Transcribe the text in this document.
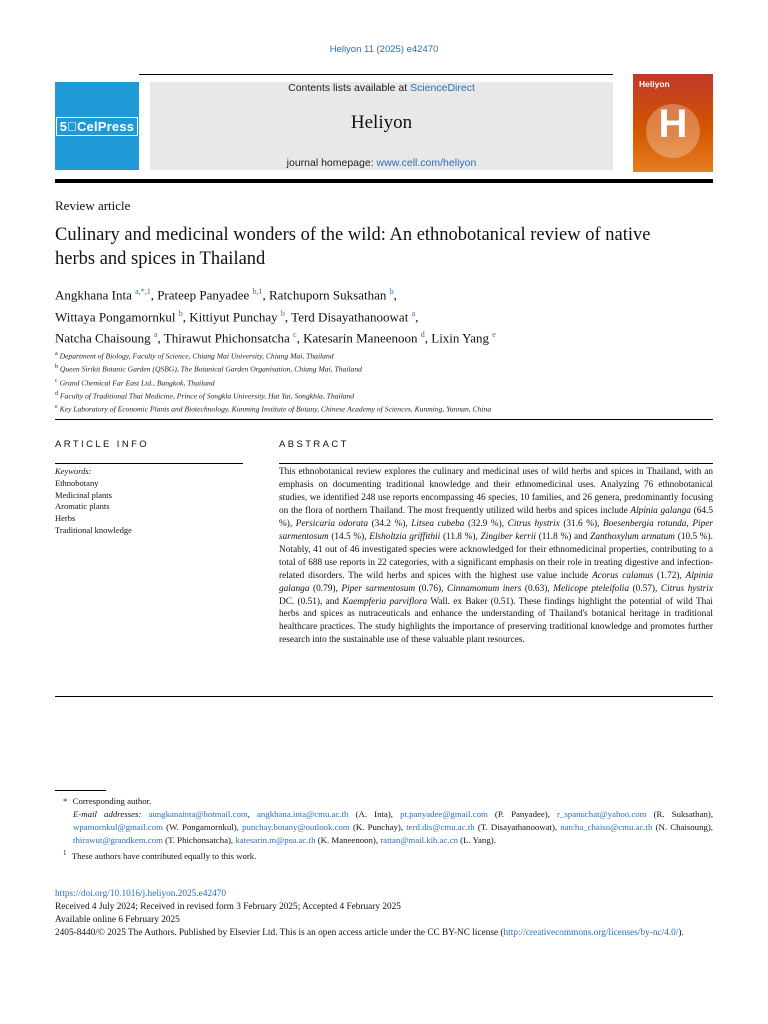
Heliyon 11 (2025) e42470
5⃝CelPress
Contents lists available at ScienceDirect
Heliyon
journal homepage: www.cell.com/heliyon
Heliyon
H
Review article
Culinary and medicinal wonders of the wild: An ethnobotanical review of native herbs and spices in Thailand
Angkhana Inta $^{a,*,1}$, Prateep Panyadee $^{b,1}$, Ratchuporn Suksathan $^b$,
Wittaya Pongamornkul $^b$, Kittiyut Punchay $^b$, Terd Disayathanoowat $^a$,
Natcha Chaisoung $^a$, Thirawut Phichonsatcha $^c$, Katesarin Maneenoon $^d$, Lixin Yang $^e$
$^a$ Department of Biology, Faculty of Science, Chiang Mai University, Chiang Mai, Thailand
$^b$ Queen Sirikit Botanic Garden (QSBG), The Botanical Garden Organisation, Chiang Mai, Thailand
$^c$ Grand Chemical Far East Ltd., Bangkok, Thailand
$^d$ Faculty of Traditional Thai Medicine, Prince of Songkla University, Hat Yai, Songkhla, Thailand
$^e$ Key Laboratory of Economic Plants and Biotechnology, Kunming Institute of Botany, Chinese Academy of Sciences, Kunming, Yunnan, China
ARTICLE INFO
Keywords:
Ethnobotany
Medicinal plants
Aromatic plants
Herbs
Traditional knowledge
ABSTRACT
This ethnobotanical review explores the culinary and medicinal uses of wild herbs and spices in Thailand, with an emphasis on documenting traditional knowledge and their ethnomedicinal uses. Analyzing 76 ethnobotanical studies, we identified 248 use reports encompassing 46 species, 10 families, and 26 genera, predominantly focusing on the flora of northern Thailand. The most frequently utilized wild herbs and spices include Alpinia galanga (64.5 %), Persicaria odorata (34.2 %), Litsea cubeba (32.9 %), Citrus hystrix (31.6 %), Boesenbergia rotunda, Piper sarmentosum (14.5 %), Elsholtzia griffithii (11.8 %), Zingiber kerrii (11.8 %) and Zanthoxylum armatum (10.5 %). Notably, 41 out of 46 investigated species were acknowledged for their ethnomedicinal properties, contributing to a total of 688 use reports in 22 categories, with a significant emphasis on their role in treating digestive and infection-related disorders. The wild herbs and spices with the highest use value include Acorus calamus (1.72), Alpinia galanga (0.79), Piper sarmentosum (0.76), Cinnamomum iners (0.63), Melicope pteleifolia (0.57), Citrus hystrix DC. (0.51), and Kaempferia parviflora Wall. ex Baker (0.51). These findings highlight the potential of wild Thai herbs and spices as nutraceuticals and enhance the understanding of Thailand's botanical heritage in traditional healthcare practices. The study highlights the importance of preserving traditional knowledge and promotes further research into the sustainable use of these valuable plant resources.
* Corresponding author.
E-mail addresses: aungkanainta@hotmail.com, angkhana.inta@cmu.ac.th (A. Inta), pt.panyadee@gmail.com (P. Panyadee), r_spanuchat@yahoo.com (R. Suksathan), wpamornkul@gmail.com (W. Pongamornkul), punchay.botany@outlook.com (K. Punchay), terd.dis@cmu.ac.th (T. Disayathanoowat), natcha_chaiso@cmu.ac.th (N. Chaisoung), thirawut@grandkem.com (T. Phichonsatcha), katesarin.m@psu.ac.th (K. Maneenoon), rattan@mail.kib.ac.cn (L. Yang).
$^1$ These authors have contributed equally to this work.
https://doi.org/10.1016/j.heliyon.2025.e42470
Received 4 July 2024; Received in revised form 3 February 2025; Accepted 4 February 2025
Available online 6 February 2025
2405-8440/© 2025 The Authors. Published by Elsevier Ltd. This is an open access article under the CC BY-NC license (http://creativecommons.org/licenses/by-nc/4.0/).
